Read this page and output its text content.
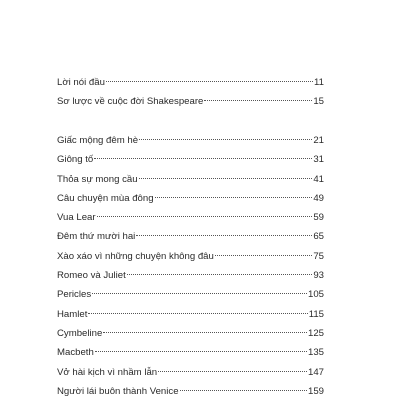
Lời nói đầu	11
Sơ lược về cuộc đời Shakespeare	15
Giấc mộng đêm hè	21
Giông tố	31
Thỏa sự mong cầu	41
Câu chuyện mùa đông	49
Vua Lear	59
Đêm thứ mười hai	65
Xào xáo vì những chuyện không đâu	75
Romeo và Juliet	93
Pericles	105
Hamlet	115
Cymbeline	125
Macbeth	135
Vở hài kịch vì nhầm lẫn	147
Người lái buôn thành Venice	159
